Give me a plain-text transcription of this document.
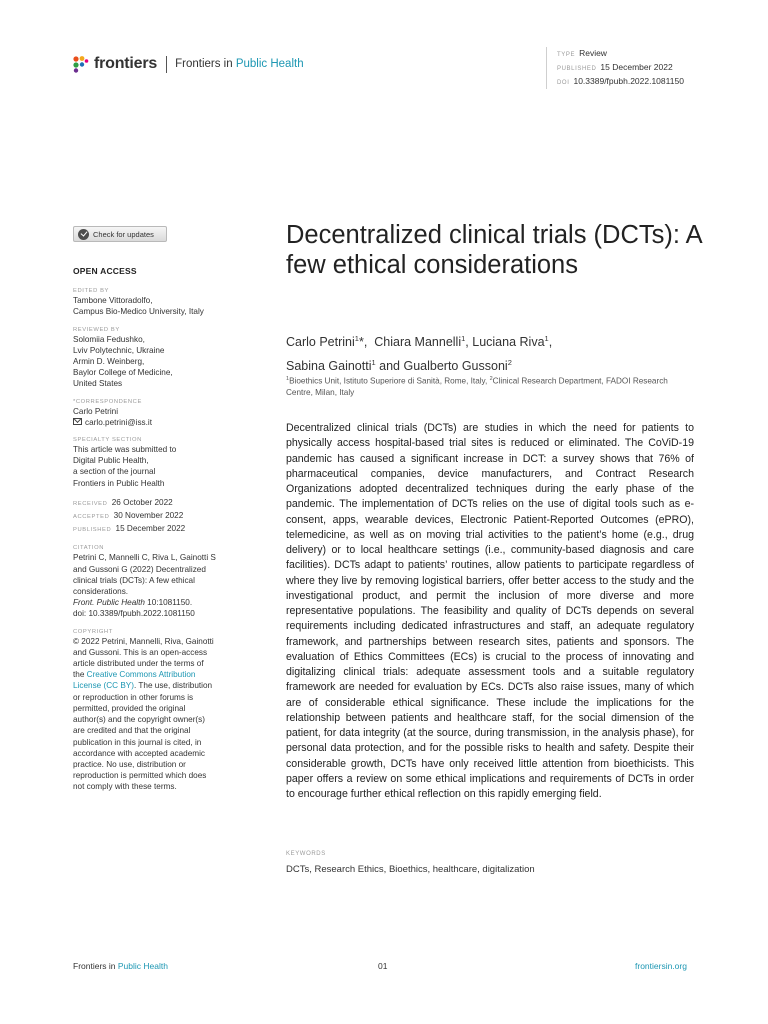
frontiers Frontiers in Public Health
TYPE Review
PUBLISHED 15 December 2022
DOI 10.3389/fpubh.2022.1081150
Check for updates
OPEN ACCESS
EDITED BY
Tambone Vittoradolfo,
Campus Bio-Medico University, Italy
REVIEWED BY
Solomiia Fedushko,
Lviv Polytechnic, Ukraine
Armin D. Weinberg,
Baylor College of Medicine,
United States
*CORRESPONDENCE
Carlo Petrini
carlo.petrini@iss.it
SPECIALTY SECTION
This article was submitted to
Digital Public Health,
a section of the journal
Frontiers in Public Health
RECEIVED 26 October 2022
ACCEPTED 30 November 2022
PUBLISHED 15 December 2022
CITATION
Petrini C, Mannelli C, Riva L, Gainotti S
and Gussoni G (2022) Decentralized
clinical trials (DCTs): A few ethical
considerations.
Front. Public Health 10:1081150.
doi: 10.3389/fpubh.2022.1081150
COPYRIGHT
© 2022 Petrini, Mannelli, Riva, Gainotti
and Gussoni. This is an open-access
article distributed under the terms of
the Creative Commons Attribution
License (CC BY). The use, distribution
or reproduction in other forums is
permitted, provided the original
author(s) and the copyright owner(s)
are credited and that the original
publication in this journal is cited, in
accordance with accepted academic
practice. No use, distribution or
reproduction is permitted which does
not comply with these terms.
Decentralized clinical trials (DCTs): A few ethical considerations
Carlo Petrini$^1$*, Chiara Mannelli$^1$, Luciana Riva$^1$,
Sabina Gainotti$^1$ and Gualberto Gussoni$^2$
$^1$Bioethics Unit, Istituto Superiore di Sanità, Rome, Italy, $^2$Clinical Research Department, FADOI Research Centre, Milan, Italy
Decentralized clinical trials (DCTs) are studies in which the need for patients to physically access hospital-based trial sites is reduced or eliminated. The CoViD-19 pandemic has caused a significant increase in DCT: a survey shows that 76% of pharmaceutical companies, device manufacturers, and Contract Research Organizations adopted decentralized techniques during the early phase of the pandemic. The implementation of DCTs relies on the use of digital tools such as e-consent, apps, wearable devices, Electronic Patient-Reported Outcomes (ePRO), telemedicine, as well as on moving trial activities to the patient’s home (e.g., drug delivery) or to local healthcare settings (i.e., community-based diagnosis and care facilities). DCTs adapt to patients’ routines, allow patients to participate regardless of where they live by removing logistical barriers, offer better access to the study and the investigational product, and permit the inclusion of more diverse and more representative populations. The feasibility and quality of DCTs depends on several requirements including dedicated infrastructures and staff, an adequate regulatory framework, and partnerships between research sites, patients and sponsors. The evaluation of Ethics Committees (ECs) is crucial to the process of innovating and digitalizing clinical trials: adequate assessment tools and a suitable regulatory framework are needed for evaluation by ECs. DCTs also raise issues, many of which are of considerable ethical significance. These include the implications for the relationship between patients and healthcare staff, for the social dimension of the patient, for data integrity (at the source, during transmission, in the analysis phase), for personal data protection, and for the possible risks to health and safety. Despite their considerable growth, DCTs have only received little attention from bioethicists. This paper offers a review on some ethical implications and requirements of DCTs in order to encourage further ethical reflection on this rapidly emerging field.
KEYWORDS
DCTs, Research Ethics, Bioethics, healthcare, digitalization
Frontiers in Public Health	01	frontiersin.org
